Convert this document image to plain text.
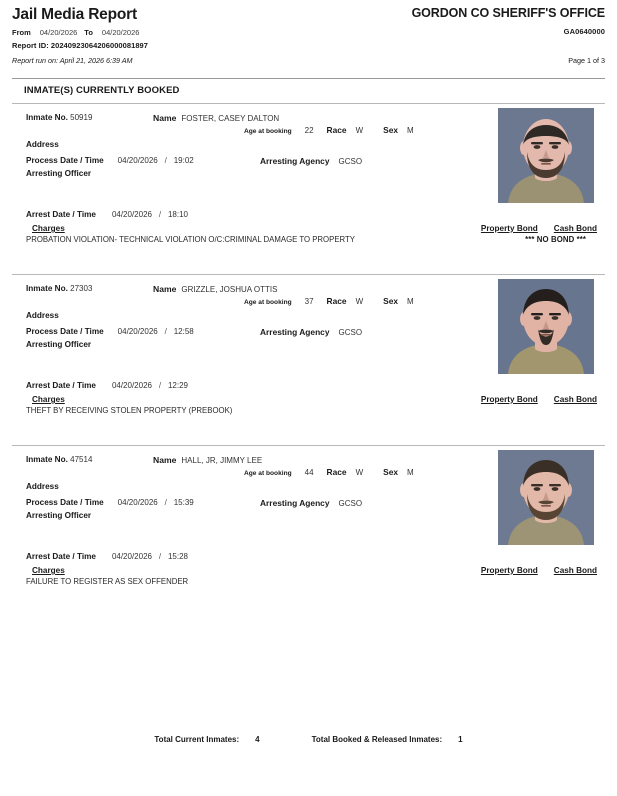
Jail Media Report
From 04/20/2026 To 04/20/2026
GORDON CO SHERIFF'S OFFICE
GA0640000
Report ID: 20240923064206000081897
Report run on: April 21, 2026 6:39 AM	Page 1 of 3
INMATE(S) CURRENTLY BOOKED
Inmate No. 50919	Name FOSTER, CASEY DALTON
Age at booking 22 Race W Sex M
Address
Process Date / Time 04/20/2026 / 19:02	Arresting Agency GCSO
Arresting Officer
Arrest Date / Time 04/20/2026 / 18:10
Charges
PROBATION VIOLATION- TECHNICAL VIOLATION O/C:CRIMINAL DAMAGE TO PROPERTY
Property Bond Cash Bond
*** NO BOND ***
Inmate No. 27303	Name GRIZZLE, JOSHUA OTTIS
Age at booking 37 Race W Sex M
Address
Process Date / Time 04/20/2026 / 12:58	Arresting Agency GCSO
Arresting Officer
Arrest Date / Time 04/20/2026 / 12:29
Charges
THEFT BY RECEIVING STOLEN PROPERTY (PREBOOK)
Property Bond Cash Bond
Inmate No. 47514	Name HALL, JR, JIMMY LEE
Age at booking 44 Race W Sex M
Address
Process Date / Time 04/20/2026 / 15:39	Arresting Agency GCSO
Arresting Officer
Arrest Date / Time 04/20/2026 / 15:28
Charges
FAILURE TO REGISTER AS SEX OFFENDER
Property Bond Cash Bond
Total Current Inmates: 4	Total Booked & Released Inmates: 1
